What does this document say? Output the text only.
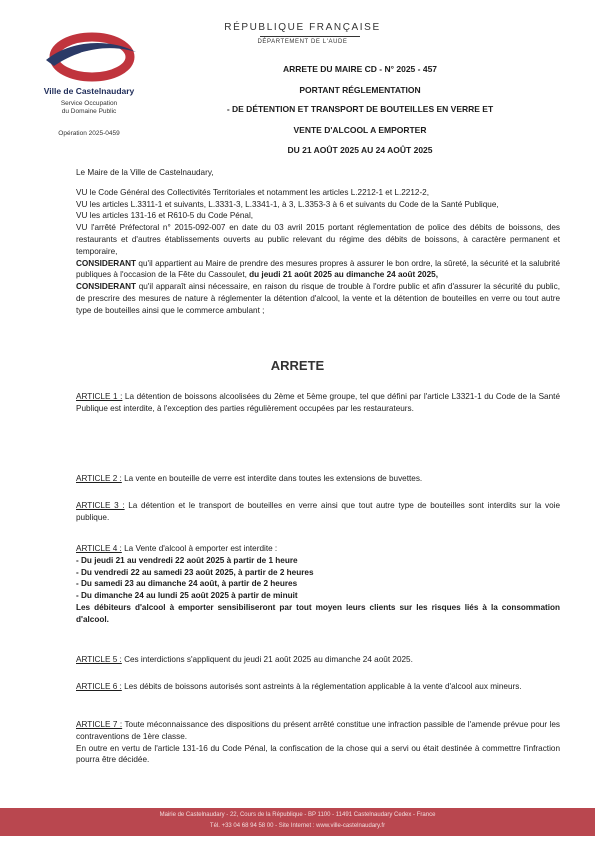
Ville de Castelnaudary
Service Occupation
du Domaine Public
Opération 2025-0459
RÉPUBLIQUE FRANÇAISE
DÉPARTEMENT DE L'AUDE
ARRETE DU MAIRE CD - N° 2025 - 457
PORTANT RÉGLEMENTATION
- DE DÉTENTION ET TRANSPORT DE BOUTEILLES EN VERRE ET
VENTE D'ALCOOL A EMPORTER
DU 21 AOÛT 2025 AU 24 AOÛT 2025
Le Maire de la Ville de Castelnaudary,
VU le Code Général des Collectivités Territoriales et notamment les articles L.2212-1 et L.2212-2,
VU les articles L.3311-1 et suivants, L.3331-3, L.3341-1, à 3, L.3353-3 à 6 et suivants du Code de la Santé Publique,
VU les articles 131-16 et R610-5 du Code Pénal,
VU l'arrêté Préfectoral n° 2015-092-007 en date du 03 avril 2015 portant réglementation de police des débits de boissons, des restaurants et d'autres établissements ouverts au public relevant du régime des débits de boissons, à caractère permanent et temporaire,
CONSIDERANT qu'il appartient au Maire de prendre des mesures propres à assurer le bon ordre, la sûreté, la sécurité et la salubrité publiques à l'occasion de la Fête du Cassoulet, du jeudi 21 août 2025 au dimanche 24 août 2025,
CONSIDERANT qu'il apparaît ainsi nécessaire, en raison du risque de trouble à l'ordre public et afin d'assurer la sécurité du public, de prescrire des mesures de nature à réglementer la détention d'alcool, la vente et la détention de bouteilles en verre ou tout autre type de bouteilles ainsi que le commerce ambulant ;
ARRETE
ARTICLE 1 : La détention de boissons alcoolisées du 2ème et 5ème groupe, tel que défini par l'article L3321-1 du Code de la Santé Publique est interdite, à l'exception des parties régulièrement occupées par les restaurateurs.
ARTICLE 2 : La vente en bouteille de verre est interdite dans toutes les extensions de buvettes.
ARTICLE 3 : La détention et le transport de bouteilles en verre ainsi que tout autre type de bouteilles sont interdits sur la voie publique.
ARTICLE 4 : La Vente d'alcool à emporter est interdite :
- Du jeudi 21 au vendredi 22 août 2025 à partir de 1 heure
- Du vendredi 22 au samedi 23 août 2025, à partir de 2 heures
- Du samedi 23 au dimanche 24 août, à partir de 2 heures
- Du dimanche 24 au lundi 25 août 2025 à partir de minuit
Les débiteurs d'alcool à emporter sensibiliseront par tout moyen leurs clients sur les risques liés à la consommation d'alcool.
ARTICLE 5 : Ces interdictions s'appliquent du jeudi 21 août 2025 au dimanche 24 août 2025.
ARTICLE 6 : Les débits de boissons autorisés sont astreints à la réglementation applicable à la vente d'alcool aux mineurs.
ARTICLE 7 : Toute méconnaissance des dispositions du présent arrêté constitue une infraction passible de l'amende prévue pour les contraventions de 1ère classe.
En outre en vertu de l'article 131-16 du Code Pénal, la confiscation de la chose qui a servi ou était destinée à commettre l'infraction pourra être décidée.
Mairie de Castelnaudary - 22, Cours de la République - BP 1100 - 11491 Castelnaudary Cedex - France
Tél. +33 04 68 94 58 00 - Site Internet : www.ville-castelnaudary.fr
